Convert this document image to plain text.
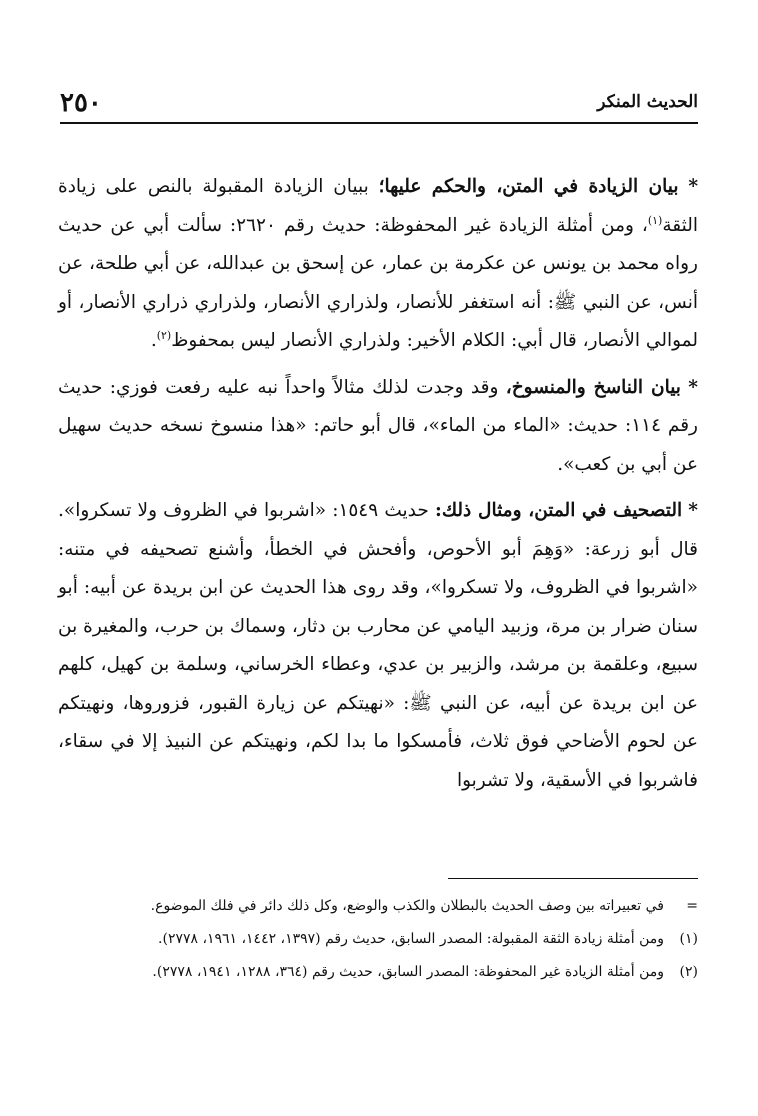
الحديث المنكر
٢٥٠

* بيان الزيادة في المتن، والحكم عليها؛ ببيان الزيادة المقبولة بالنص على زيادة الثقة$^{(١)}$، ومن أمثلة الزيادة غير المحفوظة: حديث رقم ٢٦٢٠: سألت أبي عن حديث رواه محمد بن يونس عن عكرمة بن عمار، عن إسحق بن عبدالله، عن أبي طلحة، عن أنس، عن النبي ﷺ: أنه استغفر للأنصار، ولذراري الأنصار، ولذراري ذراري الأنصار، أو لموالي الأنصار، قال أبي: الكلام الأخير: ولذراري الأنصار ليس بمحفوظ$^{(٢)}$.

* بيان الناسخ والمنسوخ، وقد وجدت لذلك مثالاً واحداً نبه عليه رفعت فوزي: حديث رقم ١١٤: حديث: «الماء من الماء»، قال أبو حاتم: «هذا منسوخ نسخه حديث سهيل عن أبي بن كعب».

* التصحيف في المتن، ومثال ذلك: حديث ١٥٤٩: «اشربوا في الظروف ولا تسكروا». قال أبو زرعة: «وَهِمَ أبو الأحوص، وأفحش في الخطأ، وأشنع تصحيفه في متنه: «اشربوا في الظروف، ولا تسكروا»، وقد روى هذا الحديث عن ابن بريدة عن أبيه: أبو سنان ضرار بن مرة، وزبيد اليامي عن محارب بن دثار، وسماك بن حرب، والمغيرة بن سبيع، وعلقمة بن مرشد، والزبير بن عدي، وعطاء الخرساني، وسلمة بن كهيل، كلهم عن ابن بريدة عن أبيه، عن النبي ﷺ: «نهيتكم عن زيارة القبور، فزوروها، ونهيتكم عن لحوم الأضاحي فوق ثلاث، فأمسكوا ما بدا لكم، ونهيتكم عن النبيذ إلا في سقاء، فاشربوا في الأسقية، ولا تشربوا

=
في تعبيراته بين وصف الحديث بالبطلان والكذب والوضع، وكل ذلك دائر في فلك الموضوع.
(١)
ومن أمثلة زيادة الثقة المقبولة: المصدر السابق، حديث رقم (١٣٩٧، ١٤٤٢، ١٩٦١، ٢٧٧٨).
(٢)
ومن أمثلة الزيادة غير المحفوظة: المصدر السابق، حديث رقم (٣٦٤، ١٢٨٨، ١٩٤١، ٢٧٧٨).
